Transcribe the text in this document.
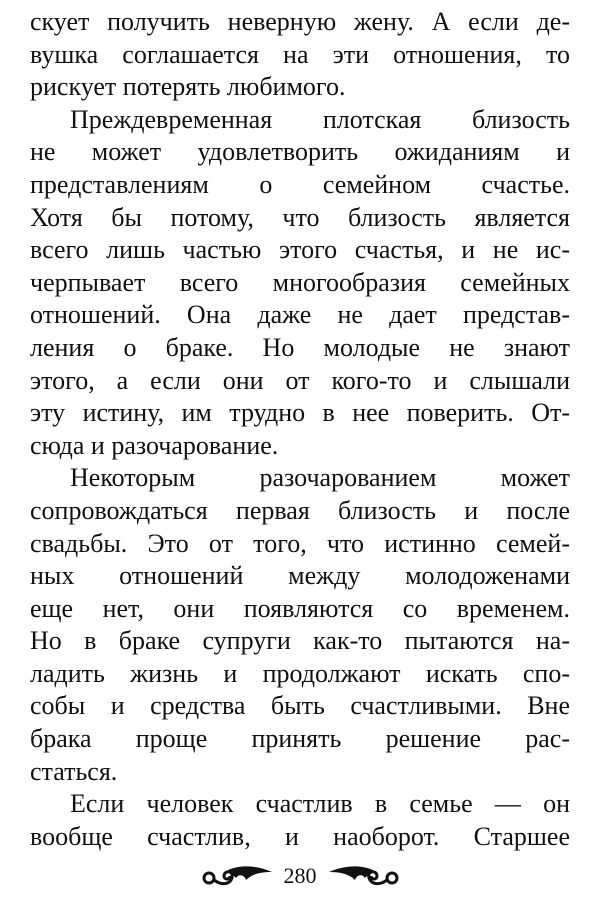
скует получить неверную жену. А если де-
вушка соглашается на эти отношения, то
рискует потерять любимого.
Преждевременная плотская близость
не может удовлетворить ожиданиям и
представлениям о семейном счастье.
Хотя бы потому, что близость является
всего лишь частью этого счастья, и не ис-
черпывает всего многообразия семейных
отношений. Она даже не дает представ-
ления о браке. Но молодые не знают
этого, а если они от кого-то и слышали
эту истину, им трудно в нее поверить. От-
сюда и разочарование.
Некоторым разочарованием может
сопровождаться первая близость и после
свадьбы. Это от того, что истинно семей-
ных отношений между молодоженами
еще нет, они появляются со временем.
Но в браке супруги как-то пытаются на-
ладить жизнь и продолжают искать спо-
собы и средства быть счастливыми. Вне
брака проще принять решение рас-
статься.
Если человек счастлив в семье — он
вообще счастлив, и наоборот. Старшее
280
